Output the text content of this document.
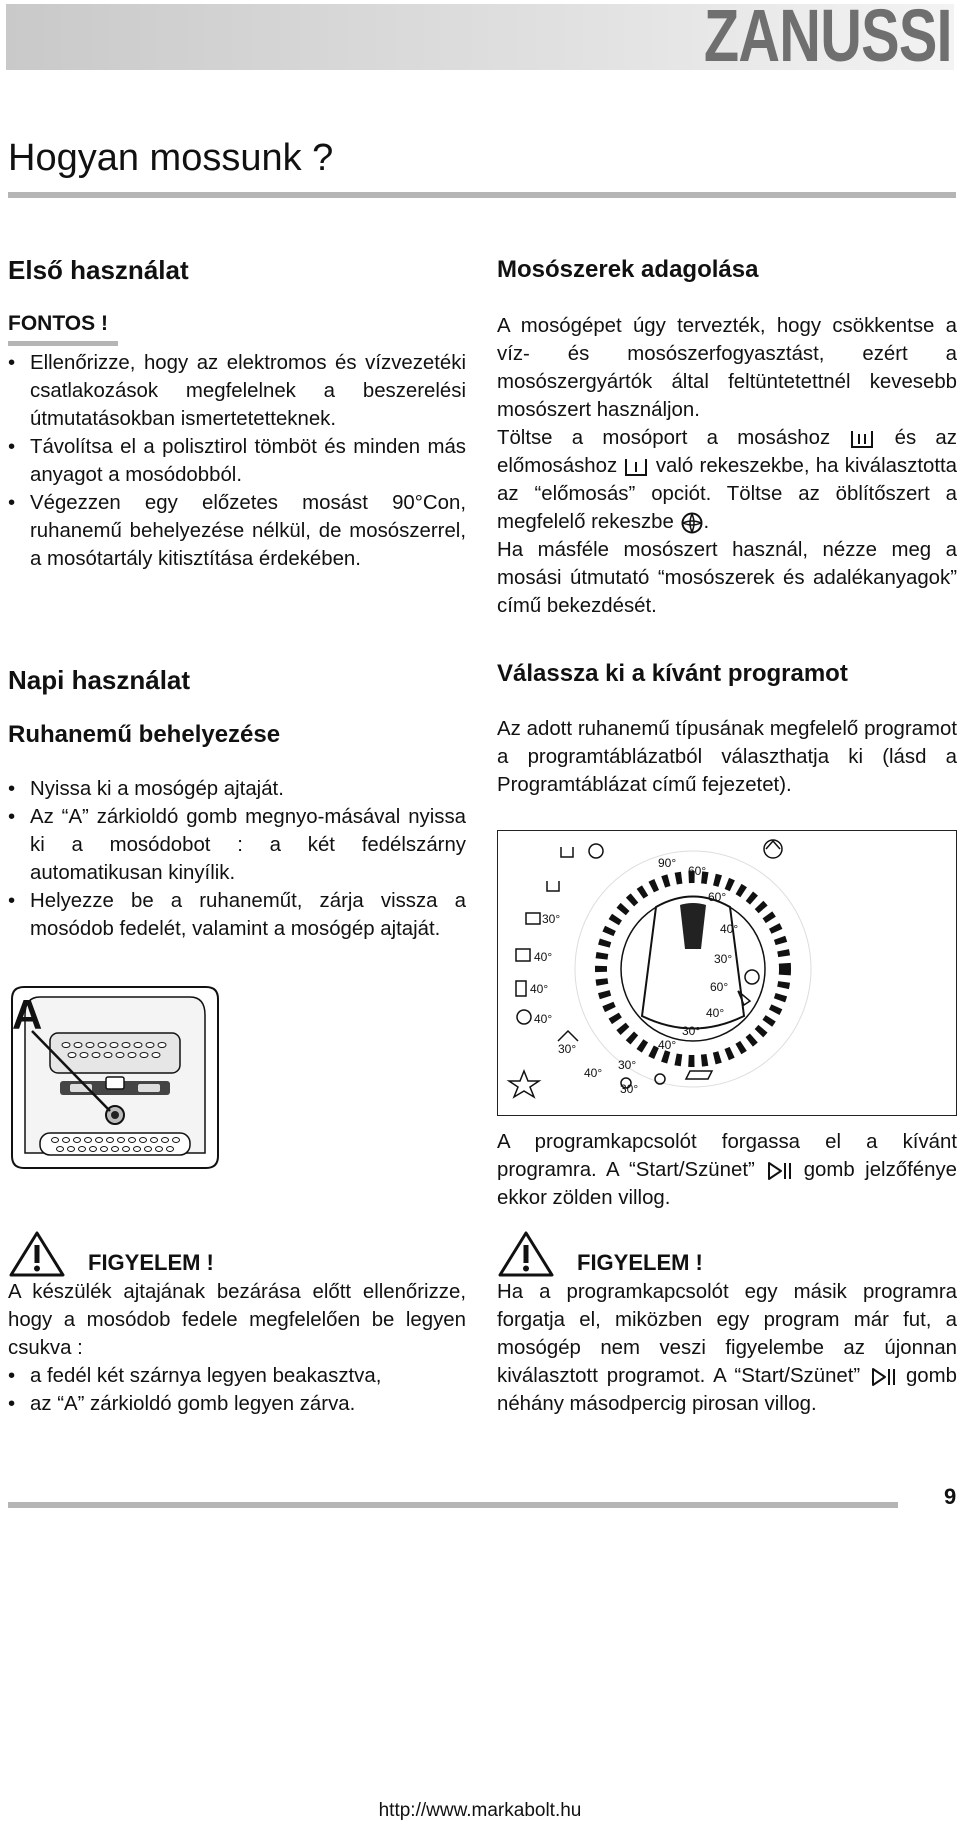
ZANUSSI
Hogyan mossunk ?
Első használat
FONTOS !
• Ellenőrizze, hogy az elektromos és vízvezetéki csatlakozások megfelelnek a beszerelési útmutatásokban ismertetetteknek.
• Távolítsa el a polisztirol tömböt és minden más anyagot a mosódobból.
• Végezzen egy előzetes mosást 90°Con, ruhanemű behelyezése nélkül, de mosószerrel, a mosótartály kitisztítása érdekében.
Napi használat
Ruhanemű behelyezése
• Nyissa ki a mosógép ajtaját.
• Az “A” zárkioldó gomb megnyo-másával nyissa ki a mosódobot : a két fedélszárny automatikusan kinyílik.
• Helyezze be a ruhaneműt, zárja vissza a mosódob fedelét, valamint a mosógép ajtaját.
FIGYELEM !

A készülék ajtajának bezárása előtt ellenőrizze, hogy a mosódob fedele megfelelően be legyen csukva :

• a fedél két szárnya legyen beakasztva,
• az “A” zárkioldó gomb legyen zárva.
A
Mosószerek adagolása

A mosógépet úgy tervezték, hogy csökkentse a víz- és mosószerfogyasztást, ezért a mosószergyártók által feltüntetettnél kevesebb mosószert használjon.

Töltse a mosóport a mosáshoz	és az előmosáshoz való rekeszekbe, ha kiválasztotta az “előmosás” opciót. Töltse az öblítőszert a megfelelő rekeszbe .

Ha másféle mosószert használ, nézze meg a mosási útmutató “mosószerek és adalékanyagok” című bekezdését.

Válassza ki a kívánt programot
Az adott ruhanemű típusának megfelelő programot a programtáblázatból választhatja ki (lásd a Programtáblázat című fejezetet).
A programkapcsolót forgassa el a kívánt programra. A “Start/Szünet” gomb jelzőfénye ekkor zölden villog.
FIGYELEM !
Ha a programkapcsolót egy másik programra forgatja el, miközben egy program már fut, a mosógép nem veszi figyelembe az újonnan kiválasztott programot. A “Start/Szünet” gomb néhány másodpercig pirosan villog.
90°
60°
60°
40°
30°
60°
40°
30°
40°
30°
30°
40°
40°
40°
30°
40°
30°
9
http://www.markabolt.hu
